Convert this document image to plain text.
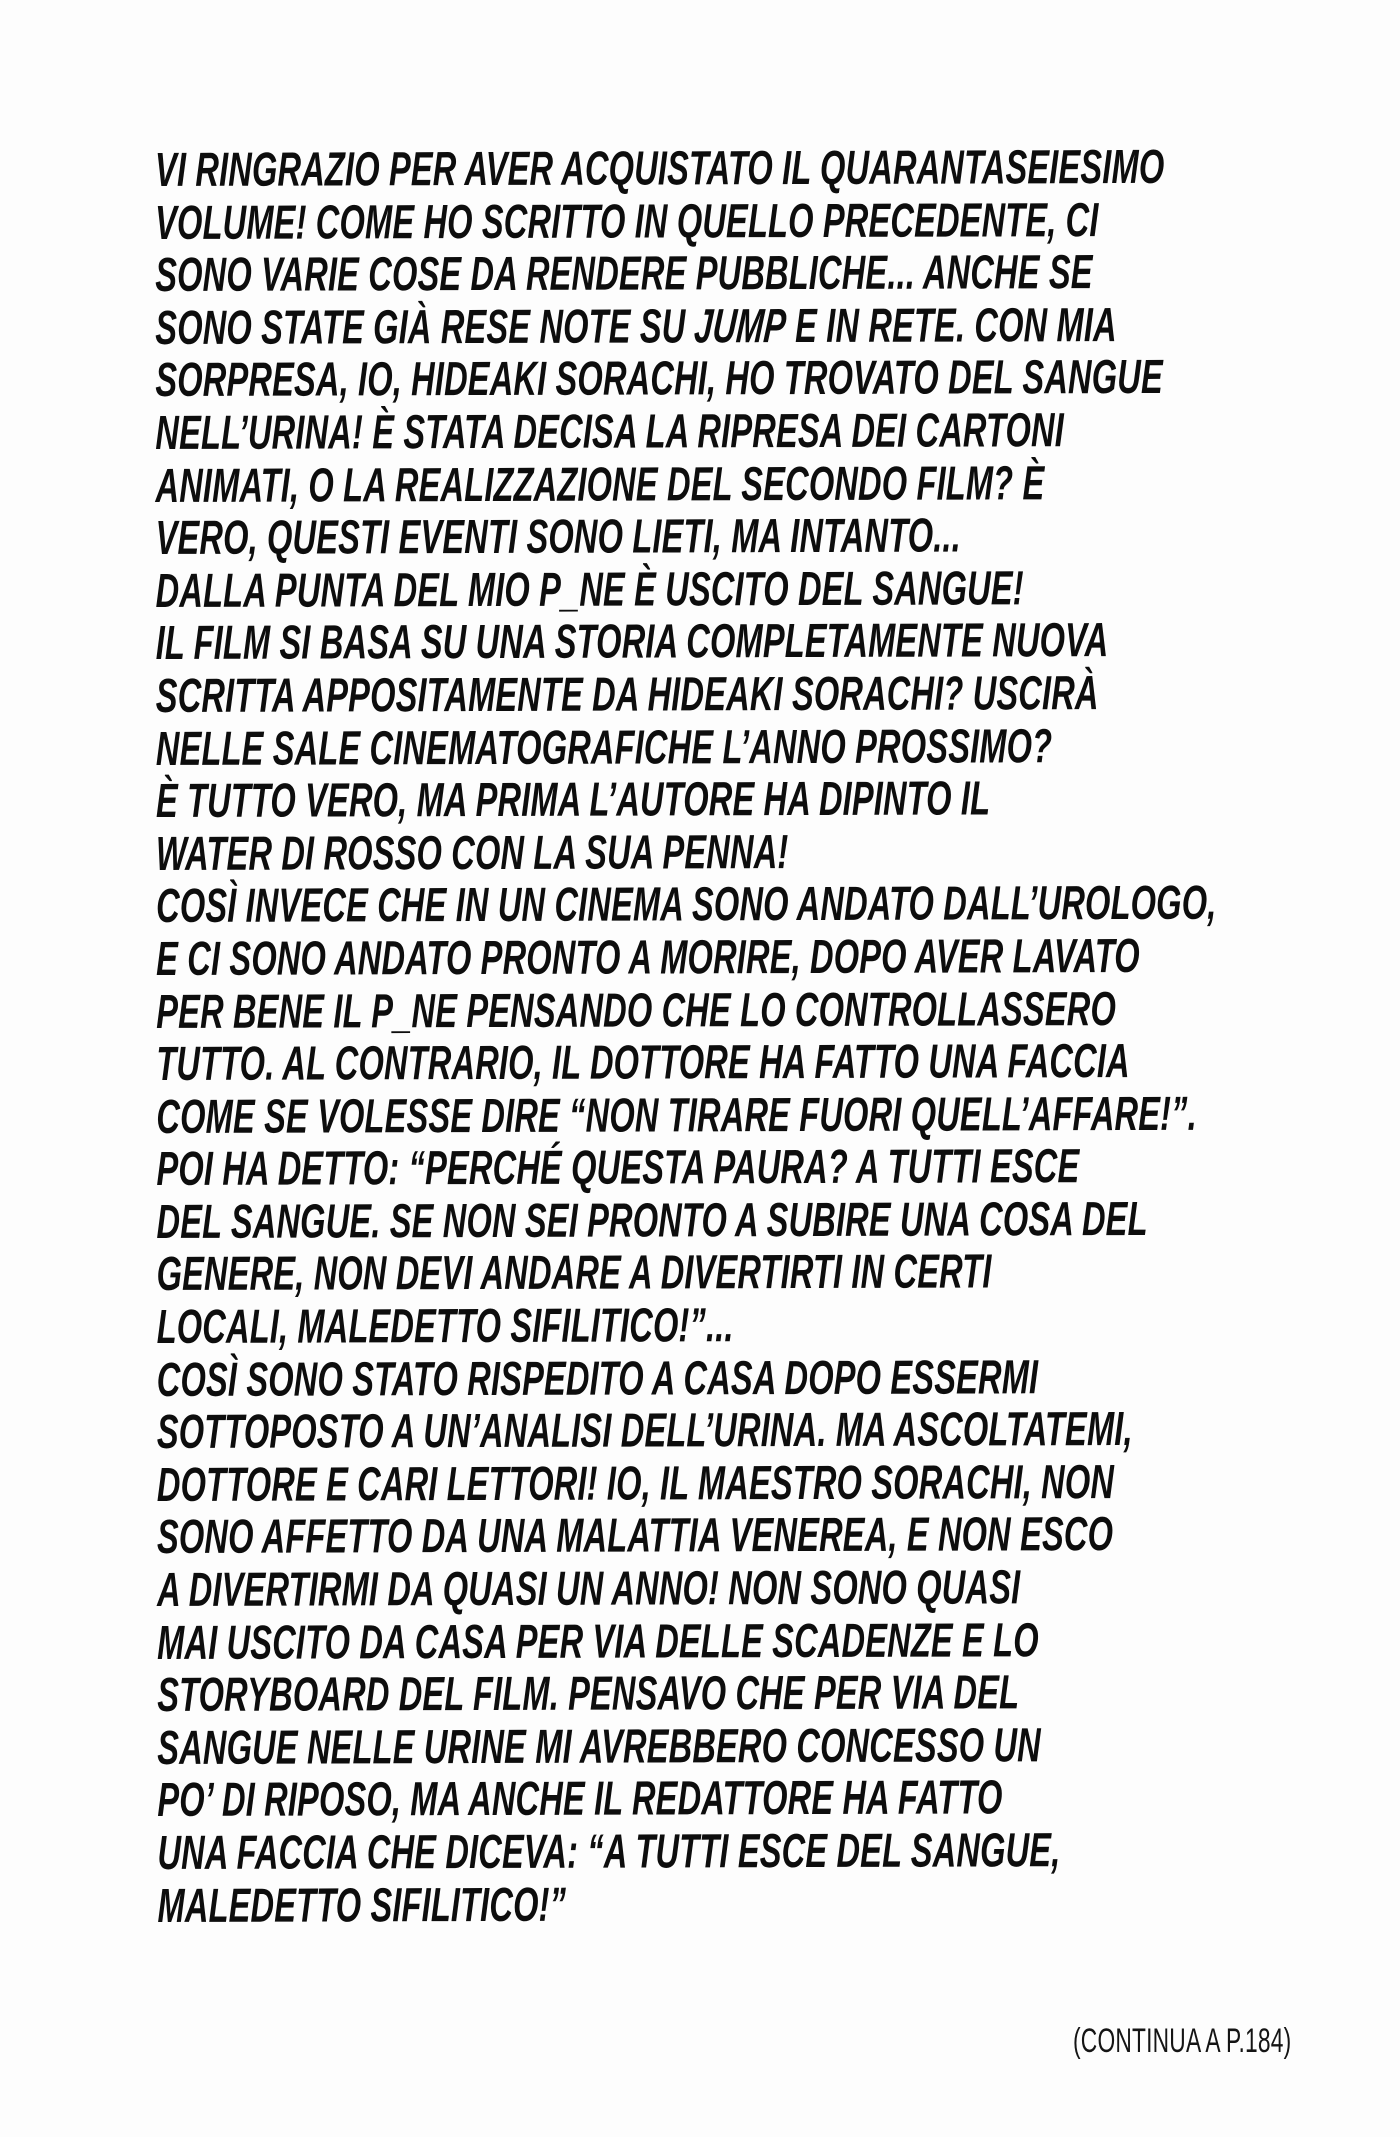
VI RINGRAZIO PER AVER ACQUISTATO IL QUARANTASEIESIMO
VOLUME! COME HO SCRITTO IN QUELLO PRECEDENTE, CI
SONO VARIE COSE DA RENDERE PUBBLICHE... ANCHE SE
SONO STATE GIÀ RESE NOTE SU JUMP E IN RETE. CON MIA
SORPRESA, IO, HIDEAKI SORACHI, HO TROVATO DEL SANGUE
NELL’URINA! È STATA DECISA LA RIPRESA DEI CARTONI
ANIMATI, O LA REALIZZAZIONE DEL SECONDO FILM? È
VERO, QUESTI EVENTI SONO LIETI, MA INTANTO...
DALLA PUNTA DEL MIO P_NE È USCITO DEL SANGUE!
IL FILM SI BASA SU UNA STORIA COMPLETAMENTE NUOVA
SCRITTA APPOSITAMENTE DA HIDEAKI SORACHI? USCIRÀ
NELLE SALE CINEMATOGRAFICHE L’ANNO PROSSIMO?
È TUTTO VERO, MA PRIMA L’AUTORE HA DIPINTO IL
WATER DI ROSSO CON LA SUA PENNA!
COSÌ INVECE CHE IN UN CINEMA SONO ANDATO DALL’UROLOGO,
E CI SONO ANDATO PRONTO A MORIRE, DOPO AVER LAVATO
PER BENE IL P_NE PENSANDO CHE LO CONTROLLASSERO
TUTTO. AL CONTRARIO, IL DOTTORE HA FATTO UNA FACCIA
COME SE VOLESSE DIRE “NON TIRARE FUORI QUELL’AFFARE!”.
POI HA DETTO: “PERCHÉ QUESTA PAURA? A TUTTI ESCE
DEL SANGUE. SE NON SEI PRONTO A SUBIRE UNA COSA DEL
GENERE, NON DEVI ANDARE A DIVERTIRTI IN CERTI
LOCALI, MALEDETTO SIFILITICO!”...
COSÌ SONO STATO RISPEDITO A CASA DOPO ESSERMI
SOTTOPOSTO A UN’ANALISI DELL’URINA. MA ASCOLTATEMI,
DOTTORE E CARI LETTORI! IO, IL MAESTRO SORACHI, NON
SONO AFFETTO DA UNA MALATTIA VENEREA, E NON ESCO
A DIVERTIRMI DA QUASI UN ANNO! NON SONO QUASI
MAI USCITO DA CASA PER VIA DELLE SCADENZE E LO
STORYBOARD DEL FILM. PENSAVO CHE PER VIA DEL
SANGUE NELLE URINE MI AVREBBERO CONCESSO UN
PO’ DI RIPOSO, MA ANCHE IL REDATTORE HA FATTO
UNA FACCIA CHE DICEVA: “A TUTTI ESCE DEL SANGUE,
MALEDETTO SIFILITICO!”
(CONTINUA A P.184)
